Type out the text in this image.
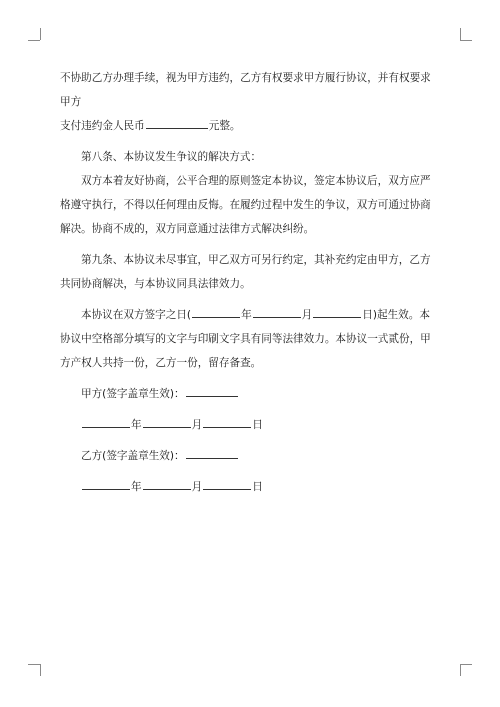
不协助乙方办理手续，视为甲方违约，乙方有权要求甲方履行协议，并有权要求甲方
支付违约金人民币	元整。

第八条、本协议发生争议的解决方式：

双方本着友好协商，公平合理的原则签定本协议，签定本协议后，双方应严格遵守执行，不得以任何理由反悔。在履约过程中发生的争议，双方可通过协商解决。协商不成的，双方同意通过法律方式解决纠纷。

第九条、本协议未尽事宜，甲乙双方可另行约定，其补充约定由甲方，乙方共同协商解决，与本协议同具法律效力。

本协议在双方签字之日(	年	月	日)起生效。本协议中空格部分填写的文字与印刷文字具有同等法律效力。本协议一式贰份，甲方产权人共持一份，乙方一份，留存备查。

甲方(签字盖章生效)：

年	月	日

乙方(签字盖章生效)：

年	月	日
